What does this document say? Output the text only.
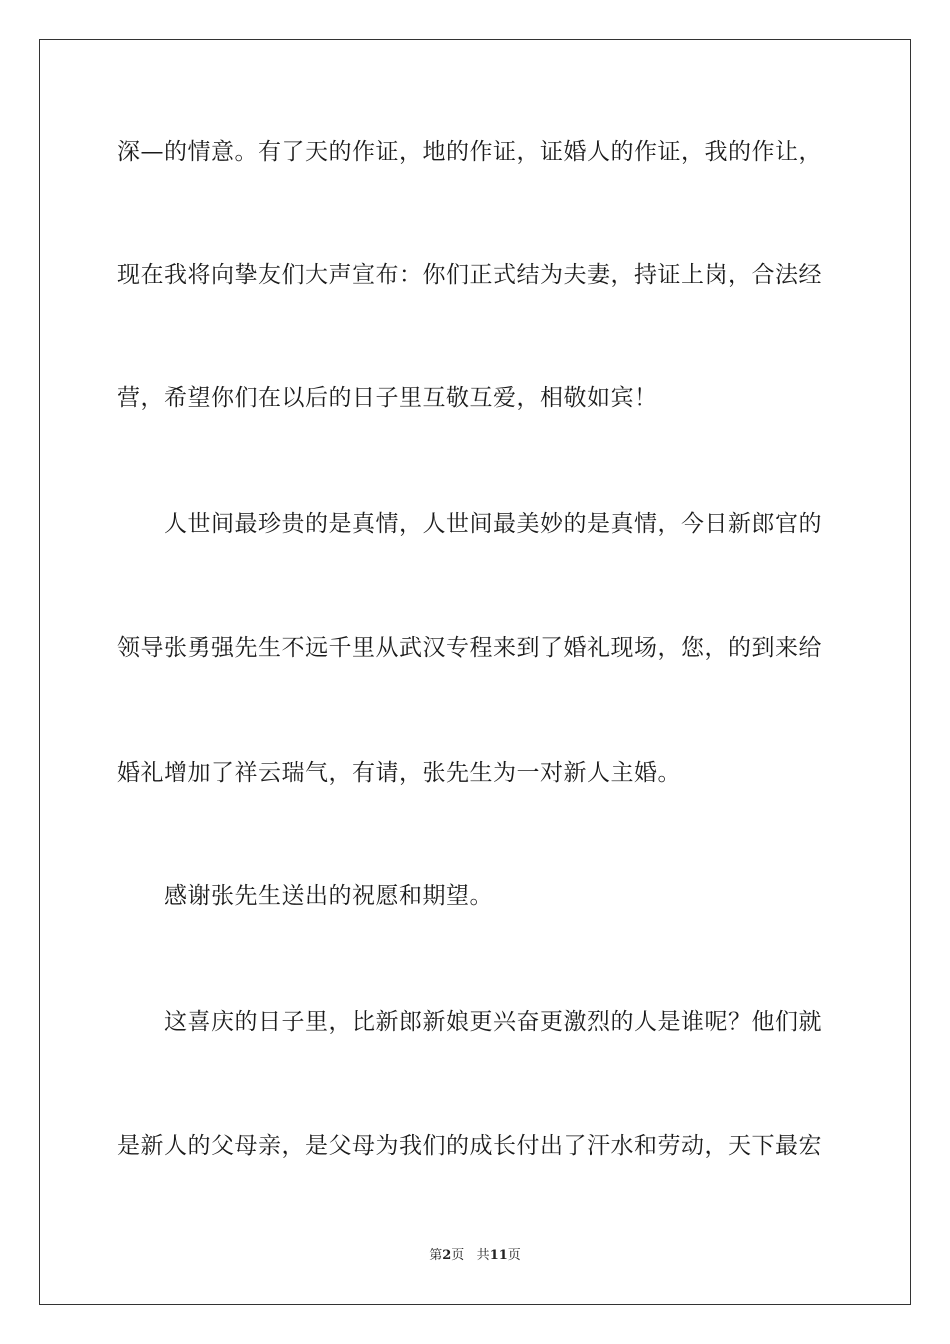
深—的情意。有了天的作证，地的作证，证婚人的作证，我的作让，
现在我将向挚友们大声宣布：你们正式结为夫妻，持证上岗，合法经
营，希望你们在以后的日子里互敬互爱，相敬如宾！
人世间最珍贵的是真情，人世间最美妙的是真情，今日新郎官的
领导张勇强先生不远千里从武汉专程来到了婚礼现场，您，的到来给
婚礼增加了祥云瑞气，有请，张先生为一对新人主婚。
感谢张先生送出的祝愿和期望。
这喜庆的日子里，比新郎新娘更兴奋更激烈的人是谁呢？他们就
是新人的父母亲，是父母为我们的成长付出了汗水和劳动，天下最宏
第2页 共11页
